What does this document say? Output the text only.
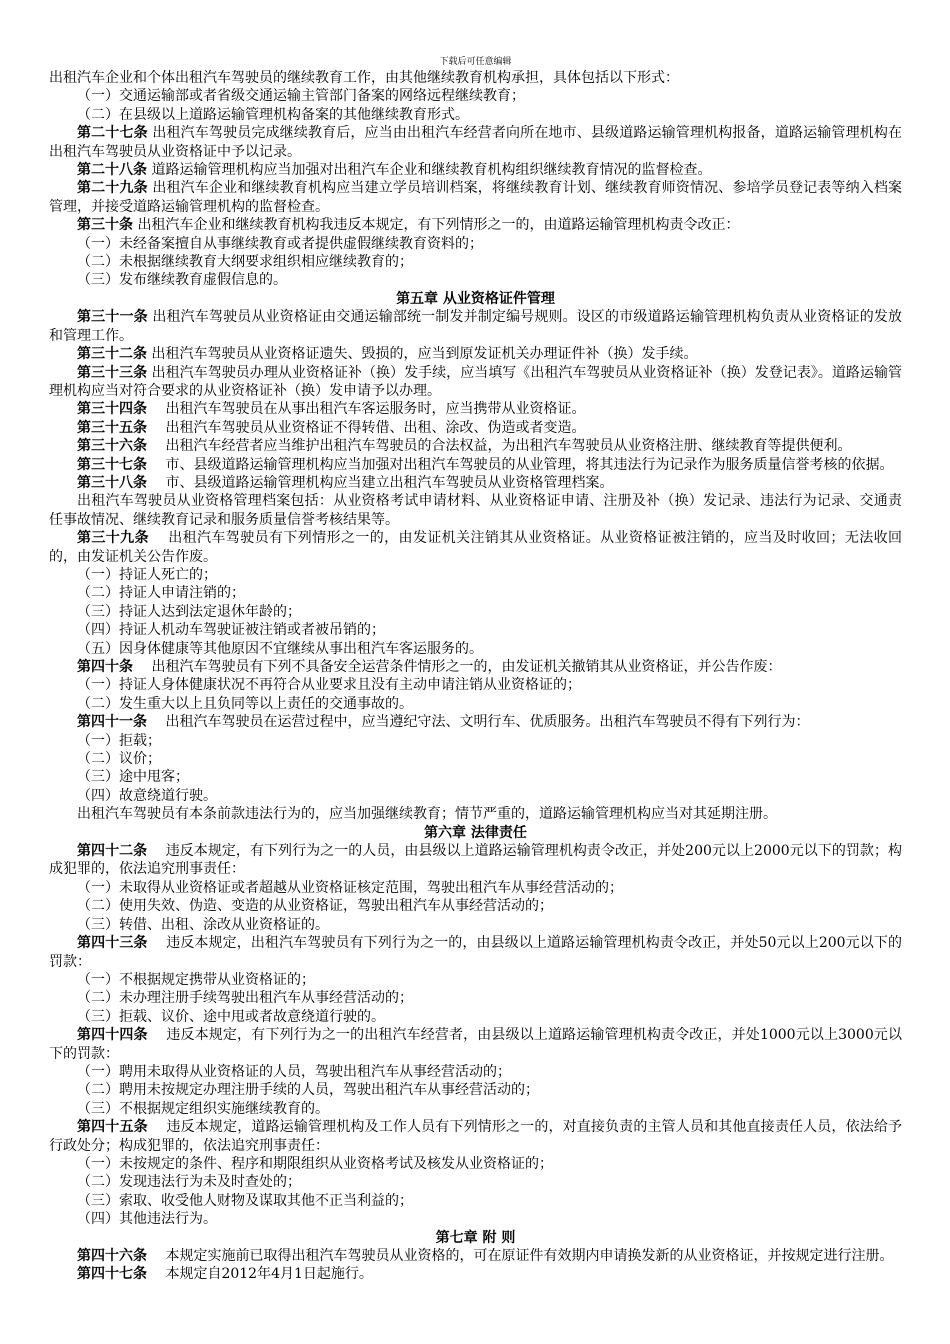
下载后可任意编辑
出租汽车企业和个体出租汽车驾驶员的继续教育工作，由其他继续教育机构承担，具体包括以下形式：
（一）交通运输部或者省级交通运输主管部门备案的网络远程继续教育；
（二）在县级以上道路运输管理机构备案的其他继续教育形式。
第二十七条 出租汽车驾驶员完成继续教育后，应当由出租汽车经营者向所在地市、县级道路运输管理机构报备，道路运输管理机构在出租汽车驾驶员从业资格证中予以记录。
第二十八条 道路运输管理机构应当加强对出租汽车企业和继续教育机构组织继续教育情况的监督检查。
第二十九条 出租汽车企业和继续教育机构应当建立学员培训档案，将继续教育计划、继续教育师资情况、参培学员登记表等纳入档案管理，并接受道路运输管理机构的监督检查。
第三十条 出租汽车企业和继续教育机构我违反本规定，有下列情形之一的，由道路运输管理机构责令改正：
（一）未经备案擅自从事继续教育或者提供虚假继续教育资料的；
（二）未根据继续教育大纲要求组织相应继续教育的；
（三）发布继续教育虚假信息的。
第五章 从业资格证件管理
第三十一条 出租汽车驾驶员从业资格证由交通运输部统一制发并制定编号规则。设区的市级道路运输管理机构负责从业资格证的发放和管理工作。
第三十二条 出租汽车驾驶员从业资格证遗失、毁损的，应当到原发证机关办理证件补（换）发手续。
第三十三条 出租汽车驾驶员办理从业资格证补（换）发手续，应当填写《出租汽车驾驶员从业资格证补（换）发登记表》。道路运输管理机构应当对符合要求的从业资格证补（换）发申请予以办理。
第三十四条 　出租汽车驾驶员在从事出租汽车客运服务时，应当携带从业资格证。
第三十五条 　出租汽车驾驶员从业资格证不得转借、出租、涂改、伪造或者变造。
第三十六条 　出租汽车经营者应当维护出租汽车驾驶员的合法权益，为出租汽车驾驶员从业资格注册、继续教育等提供便利。
第三十七条 　市、县级道路运输管理机构应当加强对出租汽车驾驶员的从业管理，将其违法行为记录作为服务质量信誉考核的依据。
第三十八条 　市、县级道路运输管理机构应当建立出租汽车驾驶员从业资格管理档案。
出租汽车驾驶员从业资格管理档案包括：从业资格考试申请材料、从业资格证申请、注册及补（换）发记录、违法行为记录、交通责任事故情况、继续教育记录和服务质量信誉考核结果等。
第三十九条 　出租汽车驾驶员有下列情形之一的，由发证机关注销其从业资格证。从业资格证被注销的，应当及时收回；无法收回的，由发证机关公告作废。
（一）持证人死亡的；
（二）持证人申请注销的；
（三）持证人达到法定退休年龄的；
（四）持证人机动车驾驶证被注销或者被吊销的；
（五）因身体健康等其他原因不宜继续从事出租汽车客运服务的。
第四十条 　出租汽车驾驶员有下列不具备安全运营条件情形之一的，由发证机关撤销其从业资格证，并公告作废：
（一）持证人身体健康状况不再符合从业要求且没有主动申请注销从业资格证的；
（二）发生重大以上且负同等以上责任的交通事故的。
第四十一条 　出租汽车驾驶员在运营过程中，应当遵纪守法、文明行车、优质服务。出租汽车驾驶员不得有下列行为：
（一）拒载；
（二）议价；
（三）途中甩客；
（四）故意绕道行驶。
出租汽车驾驶员有本条前款违法行为的，应当加强继续教育；情节严重的，道路运输管理机构应当对其延期注册。
第六章 法律责任
第四十二条 　违反本规定，有下列行为之一的人员，由县级以上道路运输管理机构责令改正，并处200元以上2000元以下的罚款；构成犯罪的，依法追究刑事责任：
（一）未取得从业资格证或者超越从业资格证核定范围，驾驶出租汽车从事经营活动的；
（二）使用失效、伪造、变造的从业资格证，驾驶出租汽车从事经营活动的；
（三）转借、出租、涂改从业资格证的。
第四十三条 　违反本规定，出租汽车驾驶员有下列行为之一的，由县级以上道路运输管理机构责令改正，并处50元以上200元以下的罚款：
（一）不根据规定携带从业资格证的；
（二）未办理注册手续驾驶出租汽车从事经营活动的；
（三）拒载、议价、途中甩或者故意绕道行驶的。
第四十四条 　违反本规定，有下列行为之一的出租汽车经营者，由县级以上道路运输管理机构责令改正，并处1000元以上3000元以下的罚款：
（一）聘用未取得从业资格证的人员，驾驶出租汽车从事经营活动的；
（二）聘用未按规定办理注册手续的人员，驾驶出租汽车从事经营活动的；
（三）不根据规定组织实施继续教育的。
第四十五条 　违反本规定，道路运输管理机构及工作人员有下列情形之一的，对直接负责的主管人员和其他直接责任人员，依法给予行政处分；构成犯罪的，依法追究刑事责任：
（一）未按规定的条件、程序和期限组织从业资格考试及核发从业资格证的；
（二）发现违法行为未及时查处的；
（三）索取、收受他人财物及谋取其他不正当利益的；
（四）其他违法行为。
第七章 附 则
第四十六条 　本规定实施前已取得出租汽车驾驶员从业资格的，可在原证件有效期内申请换发新的从业资格证，并按规定进行注册。
第四十七条 　本规定自2012年4月1日起施行。
